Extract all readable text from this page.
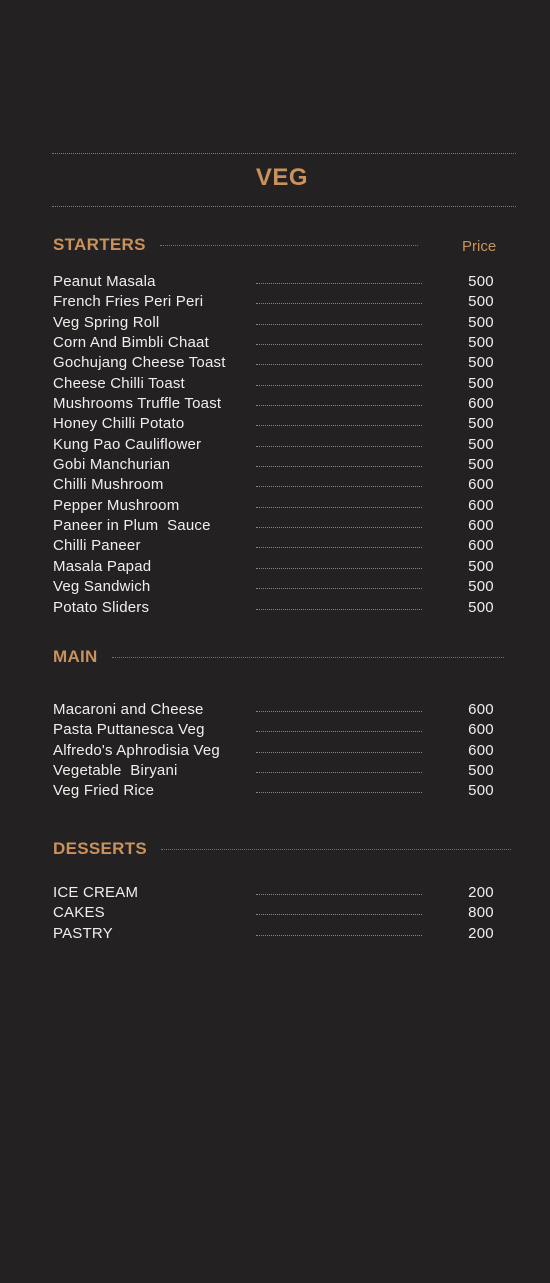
VEG
STARTERS	Price
Peanut Masala	500
French Fries Peri Peri	500
Veg Spring Roll	500
Corn And Bimbli Chaat	500
Gochujang Cheese Toast	500
Cheese Chilli Toast	500
Mushrooms Truffle Toast	600
Honey Chilli Potato	500
Kung Pao Cauliflower	500
Gobi Manchurian	500
Chilli Mushroom	600
Pepper Mushroom	600
Paneer in Plum  Sauce	600
Chilli Paneer	600
Masala Papad	500
Veg Sandwich	500
Potato Sliders	500
MAIN
Macaroni and Cheese	600
Pasta Puttanesca Veg	600
Alfredo's Aphrodisia Veg	600
Vegetable  Biryani	500
Veg Fried Rice	500
DESSERTS
ICE CREAM	200
CAKES	800
PASTRY	200
